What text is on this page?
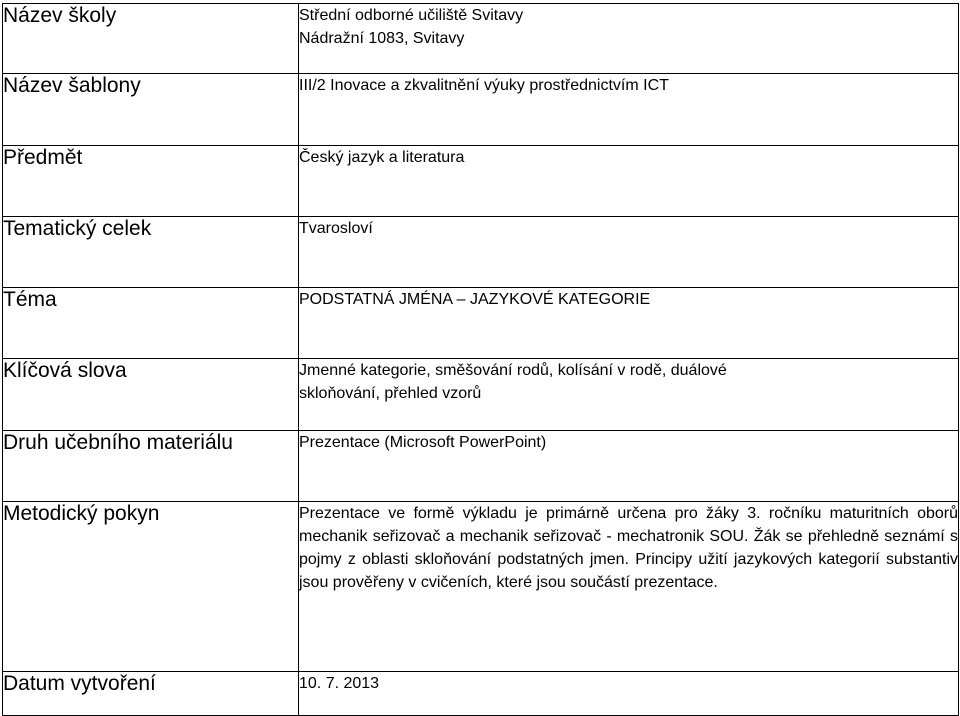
Název školy	Střední odborné učiliště Svitavy
Nádražní 1083, Svitavy

Název šablony	III/2 Inovace a zkvalitnění výuky prostřednictvím ICT
Předmět	Český jazyk a literatura
Tematický celek	Tvarosloví
Téma	PODSTATNÁ JMÉNA – JAZYKOVÉ KATEGORIE
Klíčová slova	Jmenné kategorie, směšování rodů, kolísání v rodě, duálové
skloňování, přehled vzorů

Druh učebního materiálu	Prezentace (Microsoft PowerPoint)
Metodický pokyn	Prezentace ve formě výkladu je primárně určena pro žáky 3. ročníku maturitních oborů mechanik seřizovač a mechanik seřizovač - mechatronik SOU. Žák se přehledně seznámí s pojmy z oblasti skloňování podstatných jmen. Principy užití jazykových kategorií substantiv jsou prověřeny v cvičeních, které jsou součástí prezentace.
Datum vytvoření	10. 7. 2013
